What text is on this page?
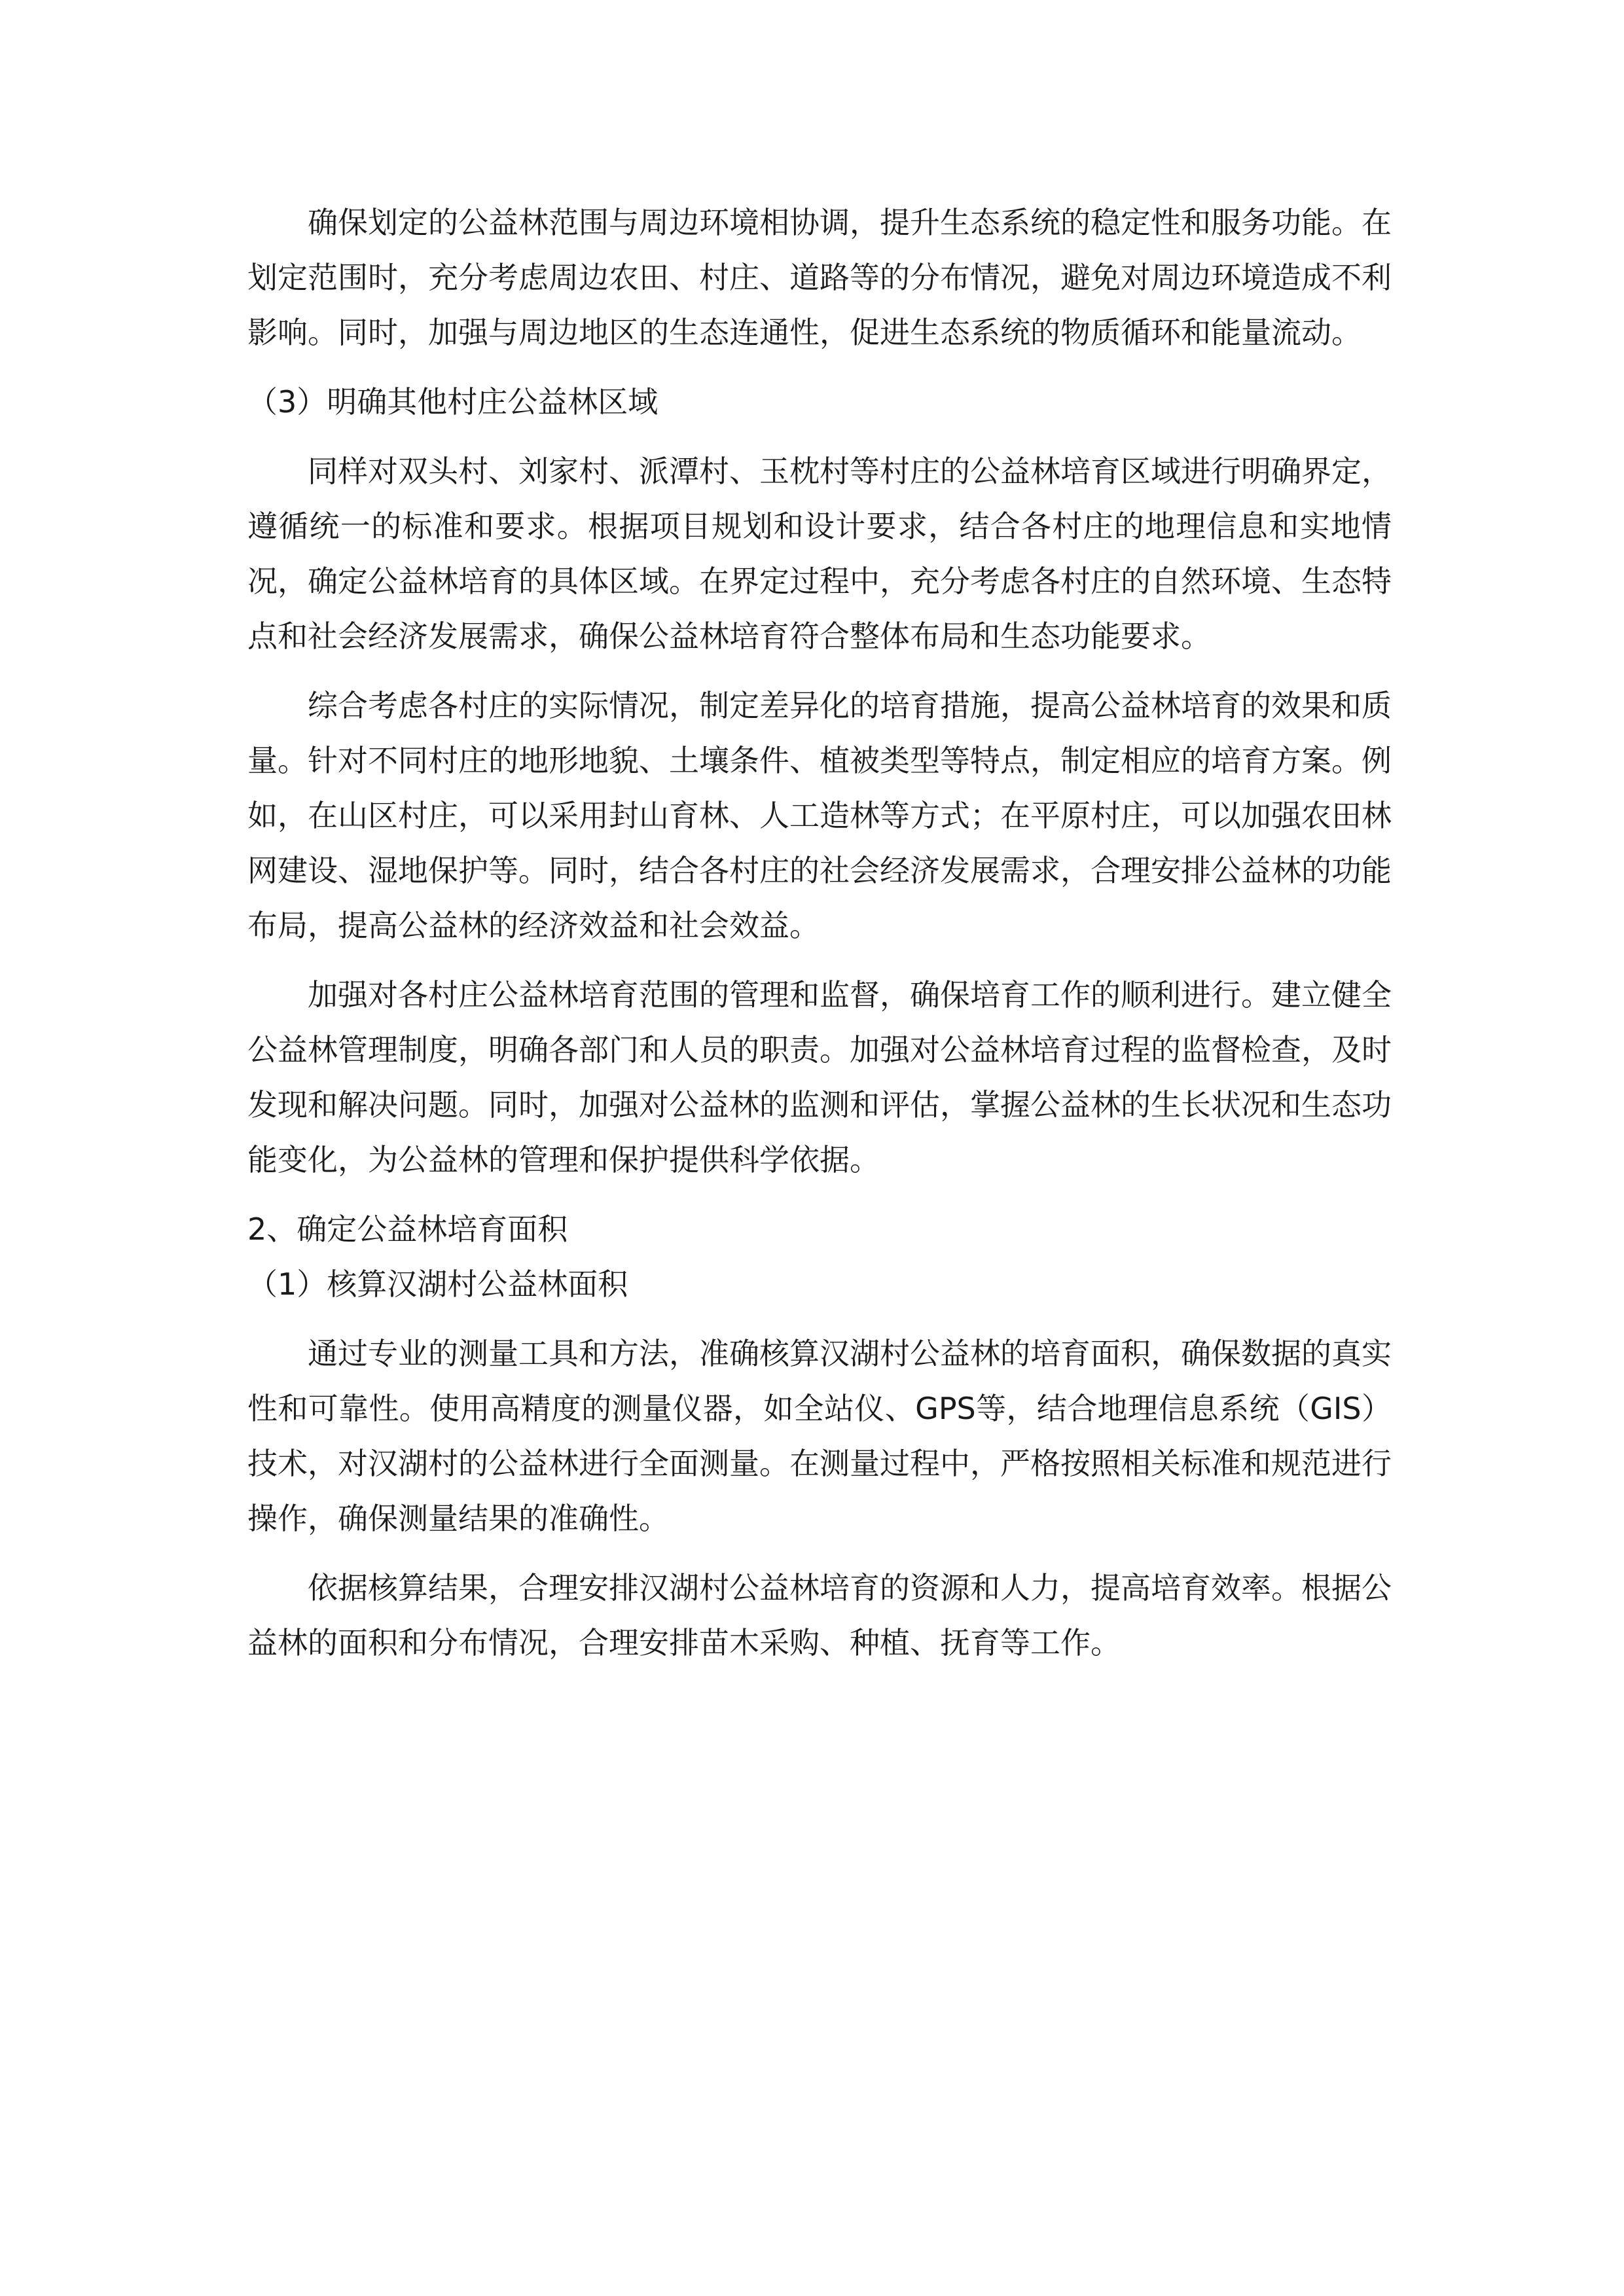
确保划定的公益林范围与周边环境相协调，提升生态系统的稳定性和服务功能。在划定范围时，充分考虑周边农田、村庄、道路等的分布情况，避免对周边环境造成不利影响。同时，加强与周边地区的生态连通性，促进生态系统的物质循环和能量流动。

（3）明确其他村庄公益林区域

同样对双头村、刘家村、派潭村、玉枕村等村庄的公益林培育区域进行明确界定，遵循统一的标准和要求。根据项目规划和设计要求，结合各村庄的地理信息和实地情况，确定公益林培育的具体区域。在界定过程中，充分考虑各村庄的自然环境、生态特点和社会经济发展需求，确保公益林培育符合整体布局和生态功能要求。

综合考虑各村庄的实际情况，制定差异化的培育措施，提高公益林培育的效果和质量。针对不同村庄的地形地貌、土壤条件、植被类型等特点，制定相应的培育方案。例如，在山区村庄，可以采用封山育林、人工造林等方式；在平原村庄，可以加强农田林网建设、湿地保护等。同时，结合各村庄的社会经济发展需求，合理安排公益林的功能布局，提高公益林的经济效益和社会效益。

加强对各村庄公益林培育范围的管理和监督，确保培育工作的顺利进行。建立健全公益林管理制度，明确各部门和人员的职责。加强对公益林培育过程的监督检查，及时发现和解决问题。同时，加强对公益林的监测和评估，掌握公益林的生长状况和生态功能变化，为公益林的管理和保护提供科学依据。

2、确定公益林培育面积

（1）核算汉湖村公益林面积

通过专业的测量工具和方法，准确核算汉湖村公益林的培育面积，确保数据的真实性和可靠性。使用高精度的测量仪器，如全站仪、GPS等，结合地理信息系统（GIS）技术，对汉湖村的公益林进行全面测量。在测量过程中，严格按照相关标准和规范进行操作，确保测量结果的准确性。

依据核算结果，合理安排汉湖村公益林培育的资源和人力，提高培育效率。根据公益林的面积和分布情况，合理安排苗木采购、种植、抚育等工作。
